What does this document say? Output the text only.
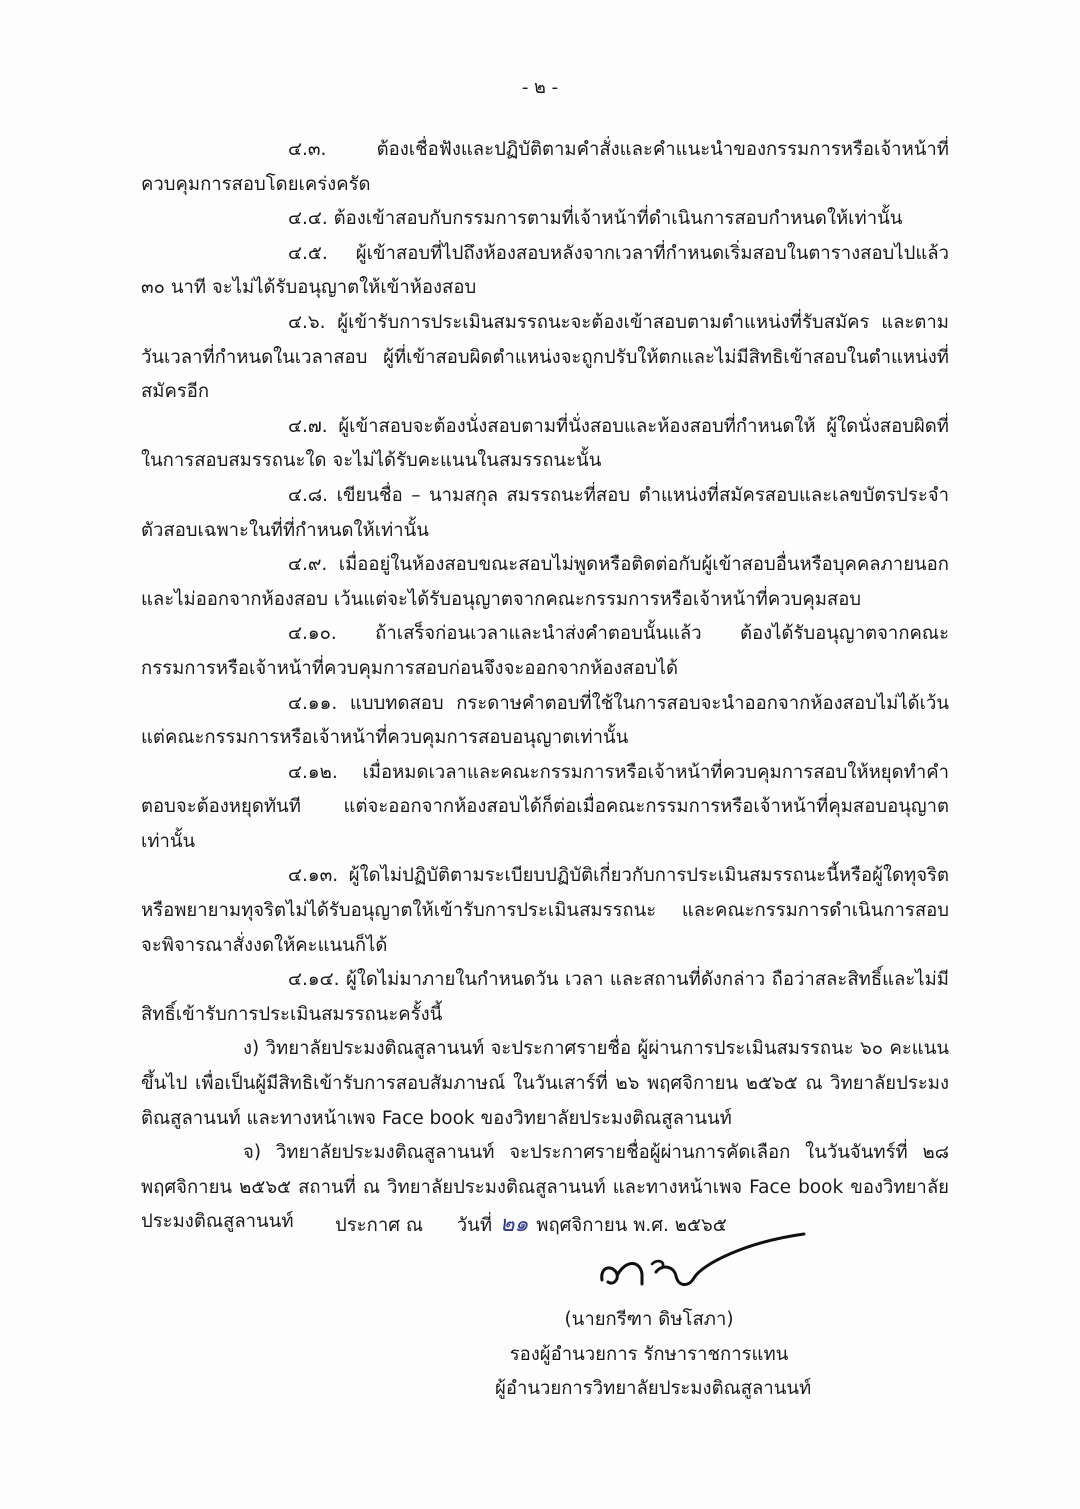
- ๒ -

๔.๓. ต้องเชื่อฟังและปฏิบัติตามคำสั่งและคำแนะนำของกรรมการหรือเจ้าหน้าที่ควบคุมการสอบโดยเคร่งครัด

๔.๔. ต้องเข้าสอบกับกรรมการตามที่เจ้าหน้าที่ดำเนินการสอบกำหนดให้เท่านั้น

๔.๕. ผู้เข้าสอบที่ไปถึงห้องสอบหลังจากเวลาที่กำหนดเริ่มสอบในตารางสอบไปแล้ว ๓๐ นาที จะไม่ได้รับอนุญาตให้เข้าห้องสอบ

๔.๖. ผู้เข้ารับการประเมินสมรรถนะจะต้องเข้าสอบตามตำแหน่งที่รับสมัคร และตามวันเวลาที่กำหนดในเวลาสอบ ผู้ที่เข้าสอบผิดตำแหน่งจะถูกปรับให้ตกและไม่มีสิทธิเข้าสอบในตำแหน่งที่สมัครอีก

๔.๗. ผู้เข้าสอบจะต้องนั่งสอบตามที่นั่งสอบและห้องสอบที่กำหนดให้ ผู้ใดนั่งสอบผิดที่ในการสอบสมรรถนะใด จะไม่ได้รับคะแนนในสมรรถนะนั้น

๔.๘. เขียนชื่อ – นามสกุล สมรรถนะที่สอบ ตำแหน่งที่สมัครสอบและเลขบัตรประจำตัวสอบเฉพาะในที่ที่กำหนดให้เท่านั้น

๔.๙. เมื่ออยู่ในห้องสอบขณะสอบไม่พูดหรือติดต่อกับผู้เข้าสอบอื่นหรือบุคคลภายนอกและไม่ออกจากห้องสอบ เว้นแต่จะได้รับอนุญาตจากคณะกรรมการหรือเจ้าหน้าที่ควบคุมสอบ

๔.๑๐. ถ้าเสร็จก่อนเวลาและนำส่งคำตอบนั้นแล้ว ต้องได้รับอนุญาตจากคณะกรรมการหรือเจ้าหน้าที่ควบคุมการสอบก่อนจึงจะออกจากห้องสอบได้

๔.๑๑. แบบทดสอบ กระดาษคำตอบที่ใช้ในการสอบจะนำออกจากห้องสอบไม่ได้เว้นแต่คณะกรรมการหรือเจ้าหน้าที่ควบคุมการสอบอนุญาตเท่านั้น

๔.๑๒. เมื่อหมดเวลาและคณะกรรมการหรือเจ้าหน้าที่ควบคุมการสอบให้หยุดทำคำตอบจะต้องหยุดทันที แต่จะออกจากห้องสอบได้ก็ต่อเมื่อคณะกรรมการหรือเจ้าหน้าที่คุมสอบอนุญาตเท่านั้น

๔.๑๓. ผู้ใดไม่ปฏิบัติตามระเบียบปฏิบัติเกี่ยวกับการประเมินสมรรถนะนี้หรือผู้ใดทุจริตหรือพยายามทุจริตไม่ได้รับอนุญาตให้เข้ารับการประเมินสมรรถนะ และคณะกรรมการดำเนินการสอบจะพิจารณาสั่งงดให้คะแนนก็ได้

๔.๑๔. ผู้ใดไม่มาภายในกำหนดวัน เวลา และสถานที่ดังกล่าว ถือว่าสละสิทธิ์และไม่มีสิทธิ์เข้ารับการประเมินสมรรถนะครั้งนี้

ง) วิทยาลัยประมงติณสูลานนท์ จะประกาศรายชื่อ ผู้ผ่านการประเมินสมรรถนะ ๖๐ คะแนนขึ้นไป เพื่อเป็นผู้มีสิทธิเข้ารับการสอบสัมภาษณ์ ในวันเสาร์ที่ ๒๖ พฤศจิกายน ๒๕๖๕ ณ วิทยาลัยประมงติณสูลานนท์ และทางหน้าเพจ Face book ของวิทยาลัยประมงติณสูลานนท์

จ) วิทยาลัยประมงติณสูลานนท์ จะประกาศรายชื่อผู้ผ่านการคัดเลือก ในวันจันทร์ที่ ๒๘ พฤศจิกายน ๒๕๖๕ สถานที่ ณ วิทยาลัยประมงติณสูลานนท์ และทางหน้าเพจ Face book ของวิทยาลัยประมงติณสูลานนท์	ประกาศ ณ วันที่ ๒๑ พฤศจิกายน พ.ศ. ๒๕๖๕
(นายกรีฑา ดิษโสภา)
รองผู้อำนวยการ รักษาราชการแทน
ผู้อำนวยการวิทยาลัยประมงติณสูลานนท์
